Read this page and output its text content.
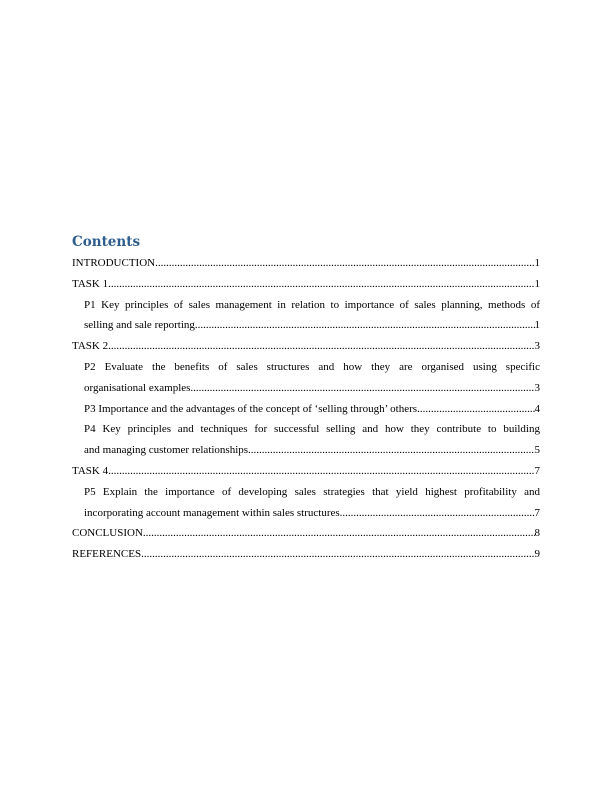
Contents
INTRODUCTION .....	1
TASK 1 .....	1
P1 Key principles of sales management in relation to importance of sales planning, methods of
selling and sale reporting .....	1
TASK 2 .....	3
P2 Evaluate the benefits of sales structures and how they are organised using specific
organisational examples .....	3
P3 Importance and the advantages of the concept of ‘selling through’ others .....	4
P4 Key principles and techniques for successful selling and how they contribute to building
and managing customer relationships .....	5
TASK 4 .....	7
P5 Explain the importance of developing sales strategies that yield highest profitability and
incorporating account management within sales structures .....	7
CONCLUSION .....	8
REFERENCES .....	9
